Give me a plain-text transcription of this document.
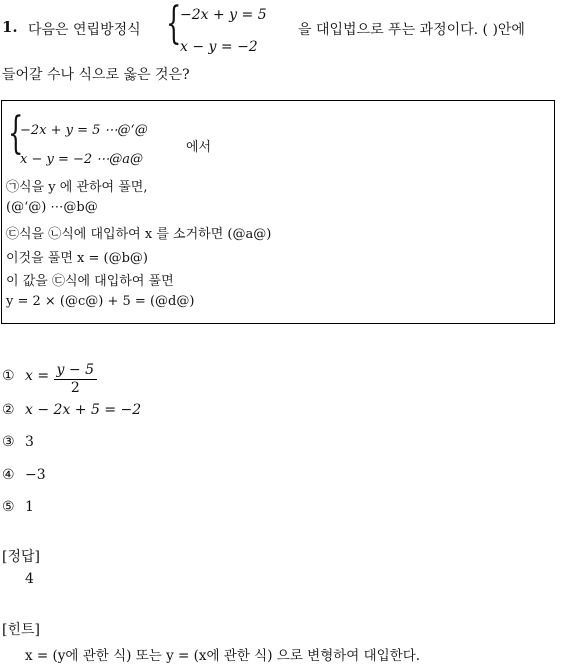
1. 다음은 연립방정식 {
−2x + y = 5
x − y = −2
을 대입법으로 푸는 과정이다. ( )안에
들어갈 수나 식으로 옳은 것은?
{
−2x + y = 5 ⋯@‘@
x − y = −2 ⋯@a@
에서
㉠식을 y 에 관하여 풀면,
(@‘@) ⋯@b@
㉢식을 ㉡식에 대입하여 x 를 소거하면 (@a@)
이것을 풀면 x = (@b@)
이 값을 ㉢식에 대입하여 풀면
y = 2 × (@c@) + 5 = (@d@)
① $x = \frac{y - 5}{2}$
② x − 2x + 5 = −2
③ 3
④ −3
⑤ 1
[정답]
4
[힌트]
x = (y에 관한 식) 또는 y = (x에 관한 식) 으로 변형하여 대입한다.
